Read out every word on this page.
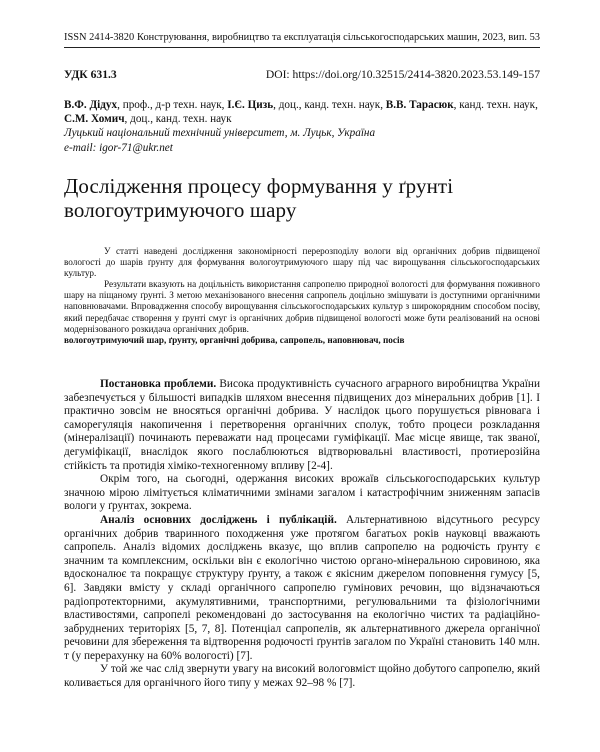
ISSN 2414-3820 Конструювання, виробництво та експлуатація сільськогосподарських машин, 2023, вип. 53
УДК 631.3	DOI: https://doi.org/10.32515/2414-3820.2023.53.149-157
В.Ф. Дідух, проф., д-р техн. наук, І.Є. Цизь, доц., канд. техн. наук, В.В. Тарасюк, канд. техн. наук, С.М. Хомич, доц., канд. техн. наук
Луцький національний технічний університет, м. Луцьк, Україна
e-mail: igor-71@ukr.net
Дослідження процесу формування у ґрунті вологоутримуючого шару

У статті наведені дослідження закономірності перерозподілу вологи від органічних добрив підвищеної вологості до шарів ґрунту для формування вологоутримуючого шару під час вирощування сільськогосподарських культур.

Результати вказують на доцільність використання сапропелю природної вологості для формування поживного шару на піщаному ґрунті. З метою механізованого внесення сапропель доцільно змішувати із доступними органічними наповнювачами. Впровадження способу вирощування сільськогосподарських культур з широкорядним способом посіву, який передбачає створення у ґрунті смуг із органічних добрив підвищеної вологості може бути реалізований на основі модернізованого розкидача органічних добрив.

вологоутримуючий шар, ґрунту, органічні добрива, сапропель, наповнювач, посів

Постановка проблеми. Висока продуктивність сучасного аграрного виробництва України забезпечується у більшості випадків шляхом внесення підвищених доз мінеральних добрив [1]. І практично зовсім не вносяться органічні добрива. У наслідок цього порушується рівновага і саморегуляція накопичення і перетворення органічних сполук, тобто процеси розкладання (мінералізації) починають переважати над процесами гуміфікації. Має місце явище, так званої, дегуміфікації, внаслідок якого послаблюються відтворювальні властивості, протиерозійна стійкість та протидія хіміко-техногенному впливу [2-4].

Окрім того, на сьогодні, одержання високих врожаїв сільськогосподарських культур значною мірою лімітується кліматичними змінами загалом і катастрофічним зниженням запасів вологи у ґрунтах, зокрема.

Аналіз основних досліджень і публікацій. Альтернативною відсутнього ресурсу органічних добрив тваринного походження уже протягом багатьох років науковці вважають сапропель. Аналіз відомих досліджень вказує, що вплив сапропелю на родючість ґрунту є значним та комплексним, оскільки він є екологічно чистою органо-мінеральною сировиною, яка вдосконалює та покращує структуру ґрунту, а також є якісним джерелом поповнення гумусу [5, 6]. Завдяки вмісту у складі органічного сапропелю гумінових речовин, що відзначаються радіопротекторними, акумулятивними, транспортними, регулювальними та фізіологічними властивостями, сапропелі рекомендовані до застосування на екологічно чистих та радіаційно-забруднених територіях [5, 7, 8]. Потенціал сапропелів, як альтернативного джерела органічної речовини для збереження та відтворення родючості ґрунтів загалом по Україні становить 140 млн. т (у перерахунку на 60% вологості) [7].

У той же час слід звернути увагу на високий вологовміст щойно добутого сапропелю, який коливається для органічного його типу у межах 92–98 % [7].
